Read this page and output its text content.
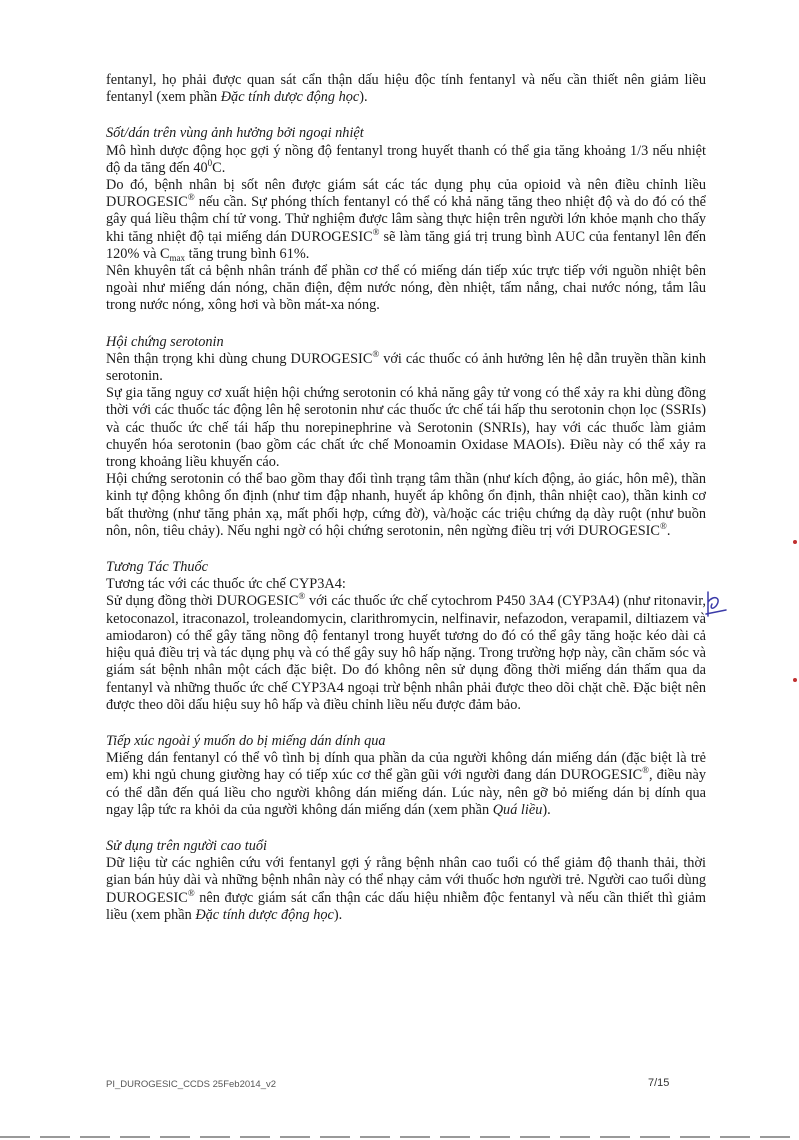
fentanyl, họ phải được quan sát cẩn thận dấu hiệu độc tính fentanyl và nếu cần thiết nên giảm liều fentanyl (xem phần Đặc tính dược động học).

Sốt/dán trên vùng ảnh hưởng bởi ngoại nhiệt

Mô hình dược động học gợi ý nồng độ fentanyl trong huyết thanh có thể gia tăng khoảng 1/3 nếu nhiệt độ da tăng đến $40^0C$.

Do đó, bệnh nhân bị sốt nên được giám sát các tác dụng phụ của opioid và nên điều chỉnh liều DUROGESIC® nếu cần. Sự phóng thích fentanyl có thể có khả năng tăng theo nhiệt độ và do đó có thể gây quá liều thậm chí tử vong. Thử nghiệm được lâm sàng thực hiện trên người lớn khỏe mạnh cho thấy khi tăng nhiệt độ tại miếng dán DUROGESIC® sẽ làm tăng giá trị trung bình AUC của fentanyl lên đến 120% và $C_{max}$ tăng trung bình 61%.

Nên khuyên tất cả bệnh nhân tránh để phần cơ thể có miếng dán tiếp xúc trực tiếp với nguồn nhiệt bên ngoài như miếng dán nóng, chăn điện, đệm nước nóng, đèn nhiệt, tấm nắng, chai nước nóng, tắm lâu trong nước nóng, xông hơi và bồn mát-xa nóng.

Hội chứng serotonin

Nên thận trọng khi dùng chung DUROGESIC® với các thuốc có ảnh hưởng lên hệ dẫn truyền thần kinh serotonin.

Sự gia tăng nguy cơ xuất hiện hội chứng serotonin có khả năng gây tử vong có thể xảy ra khi dùng đồng thời với các thuốc tác động lên hệ serotonin như các thuốc ức chế tái hấp thu serotonin chọn lọc (SSRIs) và các thuốc ức chế tái hấp thu norepinephrine và Serotonin (SNRIs), hay với các thuốc làm giảm chuyển hóa serotonin (bao gồm các chất ức chế Monoamin Oxidase MAOIs). Điều này có thể xảy ra trong khoảng liều khuyến cáo.

Hội chứng serotonin có thể bao gồm thay đổi tình trạng tâm thần (như kích động, ảo giác, hôn mê), thần kinh tự động không ổn định (như tim đập nhanh, huyết áp không ổn định, thân nhiệt cao), thần kinh cơ bất thường (như tăng phản xạ, mất phối hợp, cứng đờ), và/hoặc các triệu chứng dạ dày ruột (như buồn nôn, nôn, tiêu chảy). Nếu nghi ngờ có hội chứng serotonin, nên ngừng điều trị với DUROGESIC®.

Tương Tác Thuốc

Tương tác với các thuốc ức chế CYP3A4:

Sử dụng đồng thời DUROGESIC® với các thuốc ức chế cytochrom P450 3A4 (CYP3A4) (như ritonavir, ketoconazol, itraconazol, troleandomycin, clarithromycin, nelfinavir, nefazodon, verapamil, diltiazem và amiodaron) có thể gây tăng nồng độ fentanyl trong huyết tương do đó có thể gây tăng hoặc kéo dài cả hiệu quả điều trị và tác dụng phụ và có thể gây suy hô hấp nặng. Trong trường hợp này, cần chăm sóc và giám sát bệnh nhân một cách đặc biệt. Do đó không nên sử dụng đồng thời miếng dán thấm qua da fentanyl và những thuốc ức chế CYP3A4 ngoại trừ bệnh nhân phải được theo dõi chặt chẽ. Đặc biệt nên được theo dõi dấu hiệu suy hô hấp và điều chỉnh liều nếu được đảm bảo.

Tiếp xúc ngoài ý muốn do bị miếng dán dính qua

Miếng dán fentanyl có thể vô tình bị dính qua phần da của người không dán miếng dán (đặc biệt là trẻ em) khi ngủ chung giường hay có tiếp xúc cơ thể gần gũi với người đang dán DUROGESIC®, điều này có thể dẫn đến quá liều cho người không dán miếng dán. Lúc này, nên gỡ bỏ miếng dán bị dính qua ngay lập tức ra khỏi da của người không dán miếng dán (xem phần Quá liều).

Sử dụng trên người cao tuổi

Dữ liệu từ các nghiên cứu với fentanyl gợi ý rằng bệnh nhân cao tuổi có thể giảm độ thanh thải, thời gian bán hủy dài và những bệnh nhân này có thể nhạy cảm với thuốc hơn người trẻ. Người cao tuổi dùng DUROGESIC® nên được giám sát cẩn thận các dấu hiệu nhiễm độc fentanyl và nếu cần thiết thì giảm liều (xem phần Đặc tính dược động học).

PI_DUROGESIC_CCDS 25Feb2014_v2	7/15
